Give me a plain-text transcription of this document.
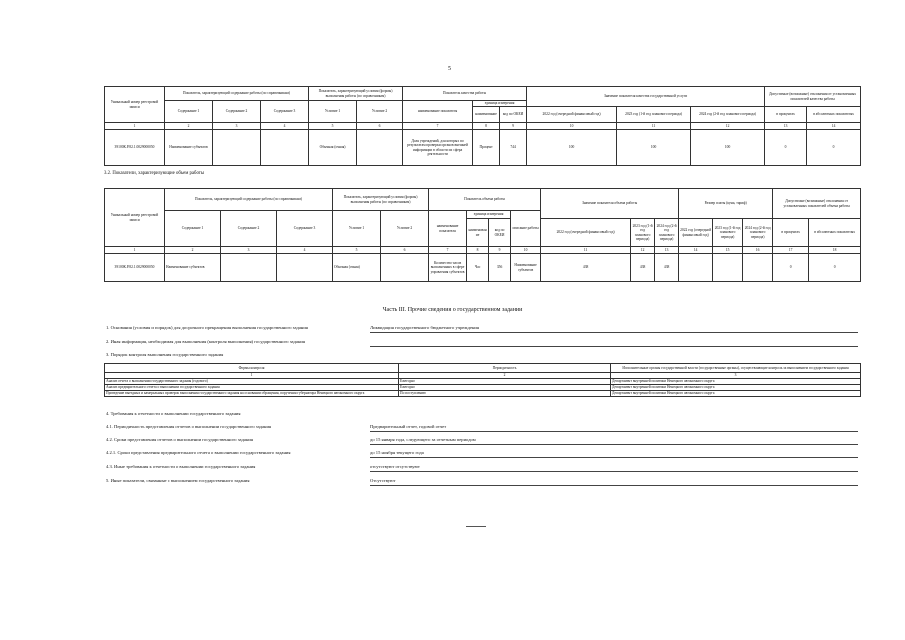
5
Уникальный номер реестровой записи	Показатель, характеризующий содержание работы (по справочникам)			Показатель, характеризующий условия (формы) выполнения работы (по справочникам)		Показатель качества работы			Значение показателя качества государственной услуги			Допустимые (возможные) отклонения от установленных показателей качества работы	
	Содержание 1	Содержание 2	Содержание 3	Условие 1	Условие 2	наименование показателя	единица измерения						
							наименование	код по ОКЕИ	2022 год (очередной финансовый год)	2023 год (1-й год планового периода)	2024 год (2-й год планового периода)	в процентах	в абсолютных показателях
1	2	3	4	5	6	7	8	9	10	11	12	13	14
39100К.Р.82.1.0029000050	Наименование субъектов			Обычная (очная)		Доля учреждений, для которых по результатам проверки органов внешней информации в области их сфера деятельности	Процент	744	100	100	100	0	0
3.2. Показатели, характеризующие объем работы
Уникальный номер реестровой записи	Показатель, характеризующий содержание работы (по справочникам)			Показатель, характеризующий условия (формы) выполнения работы (по справочникам)		Показатель объема работы				Значение показателя объема работы			Размер платы (цена, тариф)			Допустимые (возможные) отклонения от установленных показателей объема работы	
	Содержание 1	Содержание 2	Содержание 3	Условие 1	Условие 2	наименование показателя	единица измерения		описание работы								
							наименование	код по ОКЕИ		2022 год (очередной финансовый год)	2023 год (1-й год планового периода)	2024 год (2-й год планового периода)	2022 год (очередной финансовый год)	2023 год (1-й год планового периода)	2024 год (2-й год планового периода)	в процентах	в абсолютных показателях
1	2	3	4	5	6	7	8	9	10	11	12	13	14	15	16	17	18
39100К.Р.82.1.0029000050	Наименование субъектов			Обычная (очная)		Количество часов выполненных в сфере управления субъектов	Час	356	Наименование субъектов	438	438	438				0	0
Часть III. Прочие сведения о государственном задании
1. Основания (условия и порядок) для досрочного прекращения выполнения государственного задания	Ликвидация государственного бюджетного учреждения
2. Иная информация, необходимая для выполнения (контроля выполнения) государственного задания
3. Порядок контроля выполнения государственного задания
Формы контроля	Периодичность	Исполнительные органы государственной власти (государственные органы), осуществляющие контроль за выполнением государственного задания
1	2	3
Анализ отчета о выполнении государственного задания (годового)	Ежегодно	Департамент внутренней политики Ненецкого автономного округа
Анализ предварительного отчета о выполнении государственного задания	Ежегодно	Департамент внутренней политики Ненецкого автономного округа
Проведение выездных и камеральных проверок выполнения государственного задания на основании обращения, поручения губернатора Ненецкого автономного округа	По поступлению	Департамент внутренней политики Ненецкого автономного округа
4. Требования к отчетности о выполнении государственного задания
4.1. Периодичность представления отчетов о выполнении государственного задания	Предварительный отчет, годовой отчет
4.2. Сроки представления отчетов о выполнении государственного задания	до 15 января года, следующего за отчетным периодом
4.2.1. Сроки представления предварительного отчета о выполнении государственного задания	до 15 ноября текущего года
4.3. Иные требования к отчетности о выполнении государственного задания	отсутствуют отсутствуют
5. Иные показатели, связанные с выполнением государственного задания	Отсутствуют
